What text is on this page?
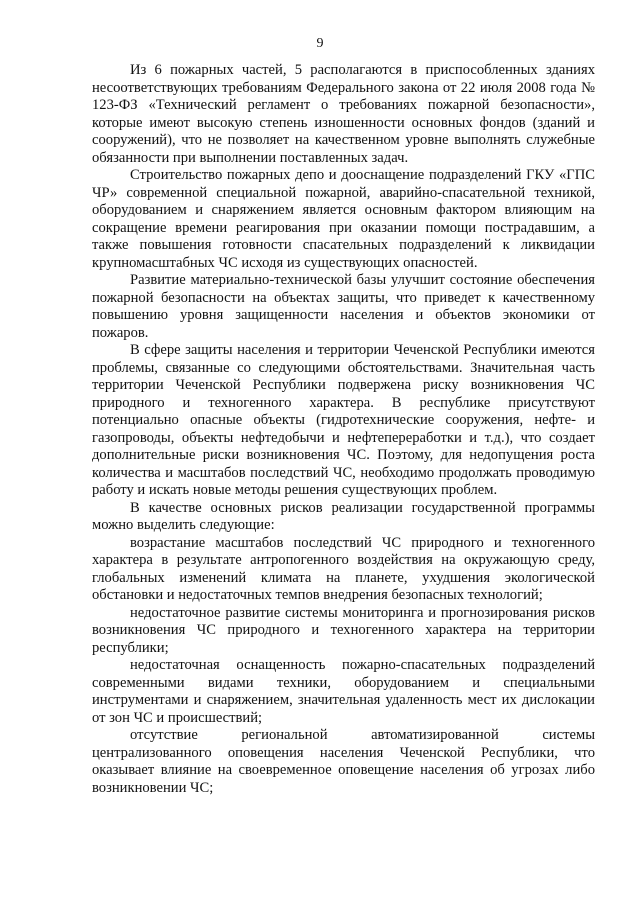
9

Из 6 пожарных частей, 5 располагаются в приспособленных зданиях несоответствующих требованиям Федерального закона от 22 июля 2008 года № 123-ФЗ «Технический регламент о требованиях пожарной безопасности», которые имеют высокую степень изношенности основных фондов (зданий и сооружений), что не позволяет на качественном уровне выполнять служебные обязанности при выполнении поставленных задач.

Строительство пожарных депо и дооснащение подразделений ГКУ «ГПС ЧР» современной специальной пожарной, аварийно-спасательной техникой, оборудованием и снаряжением является основным фактором влияющим на сокращение времени реагирования при оказании помощи пострадавшим, а также повышения готовности спасательных подразделений к ликвидации крупномасштабных ЧС исходя из существующих опасностей.

Развитие материально-технической базы улучшит состояние обеспечения пожарной безопасности на объектах защиты, что приведет к качественному повышению уровня защищенности населения и объектов экономики от пожаров.

В сфере защиты населения и территории Чеченской Республики имеются проблемы, связанные со следующими обстоятельствами. Значительная часть территории Чеченской Республики подвержена риску возникновения ЧС природного и техногенного характера. В республике присутствуют потенциально опасные объекты (гидротехнические сооружения, нефте- и газопроводы, объекты нефтедобычи и нефтепереработки и т.д.), что создает дополнительные риски возникновения ЧС. Поэтому, для недопущения роста количества и масштабов последствий ЧС, необходимо продолжать проводимую работу и искать новые методы решения существующих проблем.

В качестве основных рисков реализации государственной программы можно выделить следующие:

возрастание масштабов последствий ЧС природного и техногенного характера в результате антропогенного воздействия на окружающую среду, глобальных изменений климата на планете, ухудшения экологической обстановки и недостаточных темпов внедрения безопасных технологий;

недостаточное развитие системы мониторинга и прогнозирования рисков возникновения ЧС природного и техногенного характера на территории республики;

недостаточная оснащенность пожарно-спасательных подразделений современными видами техники, оборудованием и специальными инструментами и снаряжением, значительная удаленность мест их дислокации от зон ЧС и происшествий;

отсутствие региональной автоматизированной системы централизованного оповещения населения Чеченской Республики, что оказывает влияние на своевременное оповещение населения об угрозах либо возникновении ЧС;
